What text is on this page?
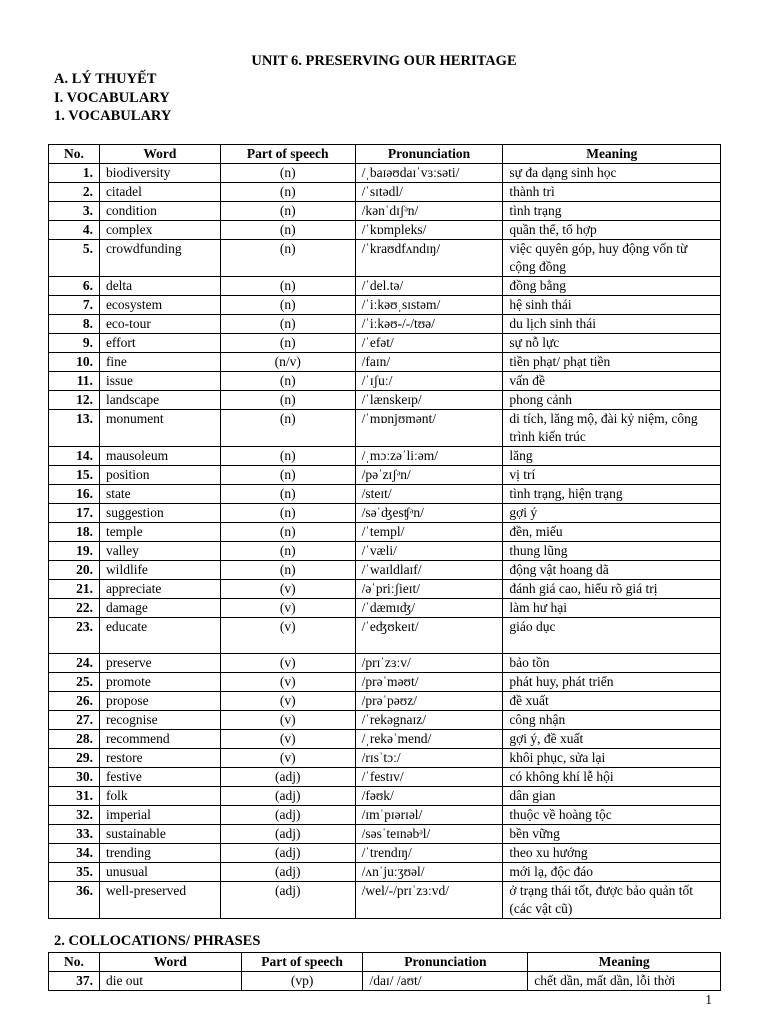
UNIT 6. PRESERVING OUR HERITAGE
A. LÝ THUYẾT
I. VOCABULARY
1. VOCABULARY
No.	Word	Part of speech	Pronunciation	Meaning
1.	biodiversity	(n)	/ˌbaɪəʊdaɪˈvɜːsəti/	sự đa dạng sinh học
2.	citadel	(n)	/ˈsɪtədl/	thành trì
3.	condition	(n)	/kənˈdɪʃᵊn/	tình trạng
4.	complex	(n)	/ˈkɒmpleks/	quần thể, tổ hợp
5.	crowdfunding	(n)	/ˈkraʊdfʌndɪŋ/	việc quyên góp, huy động vốn từ cộng đồng
6.	delta	(n)	/ˈdel.tə/	đồng bằng
7.	ecosystem	(n)	/ˈiːkəʊˌsɪstəm/	hệ sinh thái
8.	eco-tour	(n)	/ˈiːkəʊ-/-/tʊə/	du lịch sinh thái
9.	effort	(n)	/ˈefət/	sự nỗ lực
10.	fine	(n/v)	/faɪn/	tiền phạt/ phạt tiền
11.	issue	(n)	/ˈɪʃuː/	vấn đề
12.	landscape	(n)	/ˈlænskeɪp/	phong cảnh
13.	monument	(n)	/ˈmɒnjʊmənt/	di tích, lăng mộ, đài kỷ niệm, công trình kiến trúc
14.	mausoleum	(n)	/ˌmɔːzəˈliːəm/	lăng
15.	position	(n)	/pəˈzɪʃᵊn/	vị trí
16.	state	(n)	/steɪt/	tình trạng, hiện trạng
17.	suggestion	(n)	/səˈʤesʧᵊn/	gợi ý
18.	temple	(n)	/ˈtempl/	đền, miếu
19.	valley	(n)	/ˈvæli/	thung lũng
20.	wildlife	(n)	/ˈwaɪldlaɪf/	động vật hoang dã
21.	appreciate	(v)	/əˈpriːʃieɪt/	đánh giá cao, hiểu rõ giá trị
22.	damage	(v)	/ˈdæmɪʤ/	làm hư hại
23.	educate	(v)	/ˈeʤʊkeɪt/	giáo dục
24.	preserve	(v)	/prɪˈzɜːv/	bảo tồn
25.	promote	(v)	/prəˈməʊt/	phát huy, phát triển
26.	propose	(v)	/prəˈpəʊz/	đề xuất
27.	recognise	(v)	/ˈrekəgnaɪz/	công nhận
28.	recommend	(v)	/ˌrekəˈmend/	gợi ý, đề xuất
29.	restore	(v)	/rɪsˈtɔː/	khôi phục, sửa lại
30.	festive	(adj)	/ˈfestɪv/	có không khí lễ hội
31.	folk	(adj)	/fəʊk/	dân gian
32.	imperial	(adj)	/ɪmˈpɪərɪəl/	thuộc về hoàng tộc
33.	sustainable	(adj)	/səsˈteɪnəbᵊl/	bền vững
34.	trending	(adj)	/ˈtrendɪŋ/	theo xu hướng
35.	unusual	(adj)	/ʌnˈjuːʒʊəl/	mới lạ, độc đáo
36.	well-preserved	(adj)	/wel/-/prɪˈzɜːvd/	ở trạng thái tốt, được bảo quản tốt (các vật cũ)
2. COLLOCATIONS/ PHRASES
No.	Word	Part of speech	Pronunciation	Meaning
37.	die out	(vp)	/daɪ/ /aʊt/	chết dần, mất dần, lỗi thời
1
